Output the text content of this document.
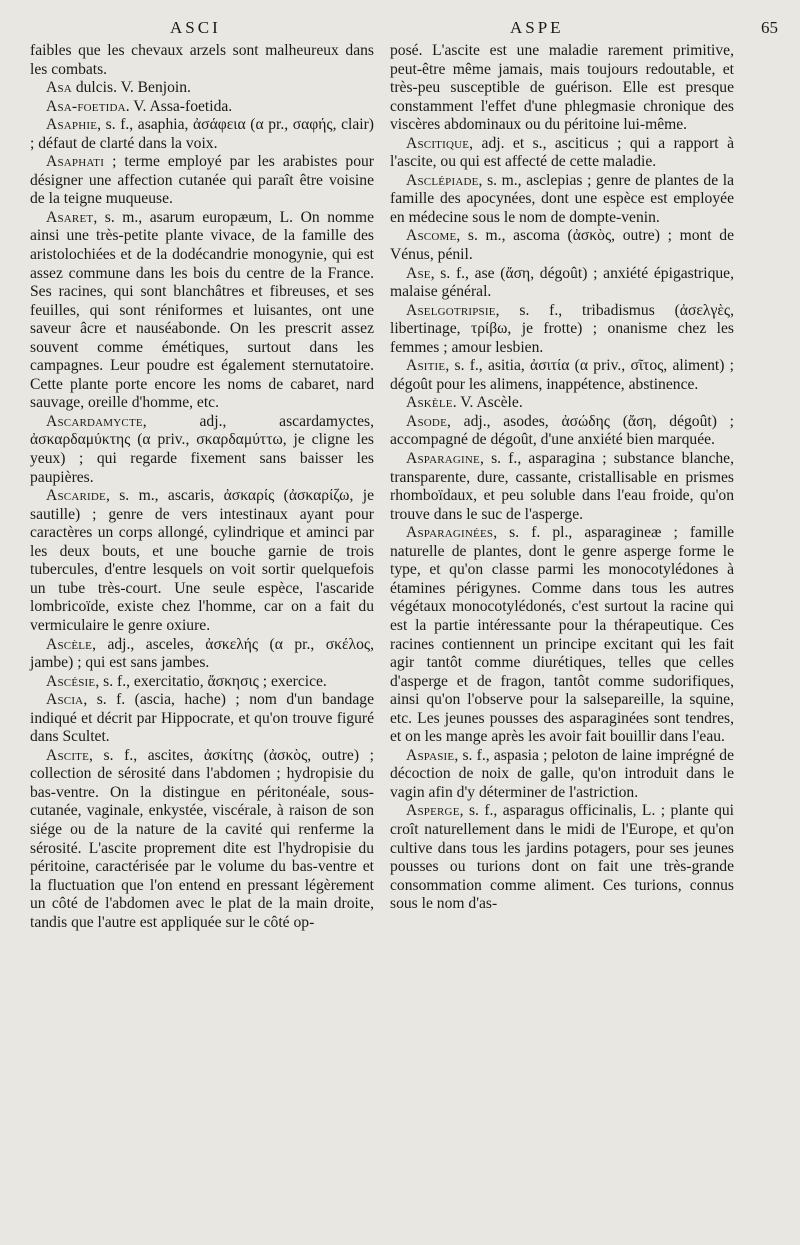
ASCI	ASPE	65

faibles que les chevaux arzels sont malheureux dans les combats.

Asa dulcis. V. Benjoin.

Asa-foetida. V. Assa-foetida.

Asaphie, s. f., asaphia, ἀσάφεια (α pr., σαφής, clair) ; défaut de clarté dans la voix.

Asaphati ; terme employé par les arabistes pour désigner une affection cutanée qui paraît être voisine de la teigne muqueuse.

Asaret, s. m., asarum europæum, L. On nomme ainsi une très-petite plante vivace, de la famille des aristolochiées et de la dodécandrie monogynie, qui est assez commune dans les bois du centre de la France. Ses racines, qui sont blanchâtres et fibreuses, et ses feuilles, qui sont réniformes et luisantes, ont une saveur âcre et nauséabonde. On les prescrit assez souvent comme émétiques, surtout dans les campagnes. Leur poudre est également sternutatoire. Cette plante porte encore les noms de cabaret, nard sauvage, oreille d'homme, etc.

Ascardamycte, adj., ascardamyctes, ἀσκαρδαμύκτης (α priv., σκαρδαμύττω, je cligne les yeux) ; qui regarde fixement sans baisser les paupières.

Ascaride, s. m., ascaris, ἀσκαρίς (ἀσκαρίζω, je sautille) ; genre de vers intestinaux ayant pour caractères un corps allongé, cylindrique et aminci par les deux bouts, et une bouche garnie de trois tubercules, d'entre lesquels on voit sortir quelquefois un tube très-court. Une seule espèce, l'ascaride lombricoïde, existe chez l'homme, car on a fait du vermiculaire le genre oxiure.

Ascèle, adj., asceles, ἀσκελής (α pr., σκέλος, jambe) ; qui est sans jambes.

Ascésie, s. f., exercitatio, ἄσκησις ; exercice.

Ascia, s. f. (ascia, hache) ; nom d'un bandage indiqué et décrit par Hippocrate, et qu'on trouve figuré dans Scultet.

Ascite, s. f., ascites, ἀσκίτης (ἀσκὸς, outre) ; collection de sérosité dans l'abdomen ; hydropisie du bas-ventre. On la distingue en péritonéale, sous-cutanée, vaginale, enkystée, viscérale, à raison de son siége ou de la nature de la cavité qui renferme la sérosité. L'ascite proprement dite est l'hydropisie du péritoine, caractérisée par le volume du bas-ventre et la fluctuation que l'on entend en pressant légèrement un côté de l'abdomen avec le plat de la main droite, tandis que l'autre est appliquée sur le côté op-

posé. L'ascite est une maladie rarement primitive, peut-être même jamais, mais toujours redoutable, et très-peu susceptible de guérison. Elle est presque constamment l'effet d'une phlegmasie chronique des viscères abdominaux ou du péritoine lui-même.

Ascitique, adj. et s., asciticus ; qui a rapport à l'ascite, ou qui est affecté de cette maladie.

Asclépiade, s. m., asclepias ; genre de plantes de la famille des apocynées, dont une espèce est employée en médecine sous le nom de dompte-venin.

Ascome, s. m., ascoma (ἀσκὸς, outre) ; mont de Vénus, pénil.

Ase, s. f., ase (ἄση, dégoût) ; anxiété épigastrique, malaise général.

Aselgotripsie, s. f., tribadismus (ἀσελγὲς, libertinage, τρίβω, je frotte) ; onanisme chez les femmes ; amour lesbien.

Asitie, s. f., asitia, ἀσιτία (α priv., σῖτος, aliment) ; dégoût pour les alimens, inappétence, abstinence.

Askèle. V. Ascèle.

Asode, adj., asodes, ἀσώδης (ἄση, dégoût) ; accompagné de dégoût, d'une anxiété bien marquée.

Asparagine, s. f., asparagina ; substance blanche, transparente, dure, cassante, cristallisable en prismes rhomboïdaux, et peu soluble dans l'eau froide, qu'on trouve dans le suc de l'asperge.

Asparaginées, s. f. pl., asparagineæ ; famille naturelle de plantes, dont le genre asperge forme le type, et qu'on classe parmi les monocotylédones à étamines périgynes. Comme dans tous les autres végétaux monocotylédonés, c'est surtout la racine qui est la partie intéressante pour la thérapeutique. Ces racines contiennent un principe excitant qui les fait agir tantôt comme diurétiques, telles que celles d'asperge et de fragon, tantôt comme sudorifiques, ainsi qu'on l'observe pour la salsepareille, la squine, etc. Les jeunes pousses des asparaginées sont tendres, et on les mange après les avoir fait bouillir dans l'eau.

Aspasie, s. f., aspasia ; peloton de laine imprégné de décoction de noix de galle, qu'on introduit dans le vagin afin d'y déterminer de l'astriction.

Asperge, s. f., asparagus officinalis, L. ; plante qui croît naturellement dans le midi de l'Europe, et qu'on cultive dans tous les jardins potagers, pour ses jeunes pousses ou turions dont on fait une très-grande consommation comme aliment. Ces turions, connus sous le nom d'as-
